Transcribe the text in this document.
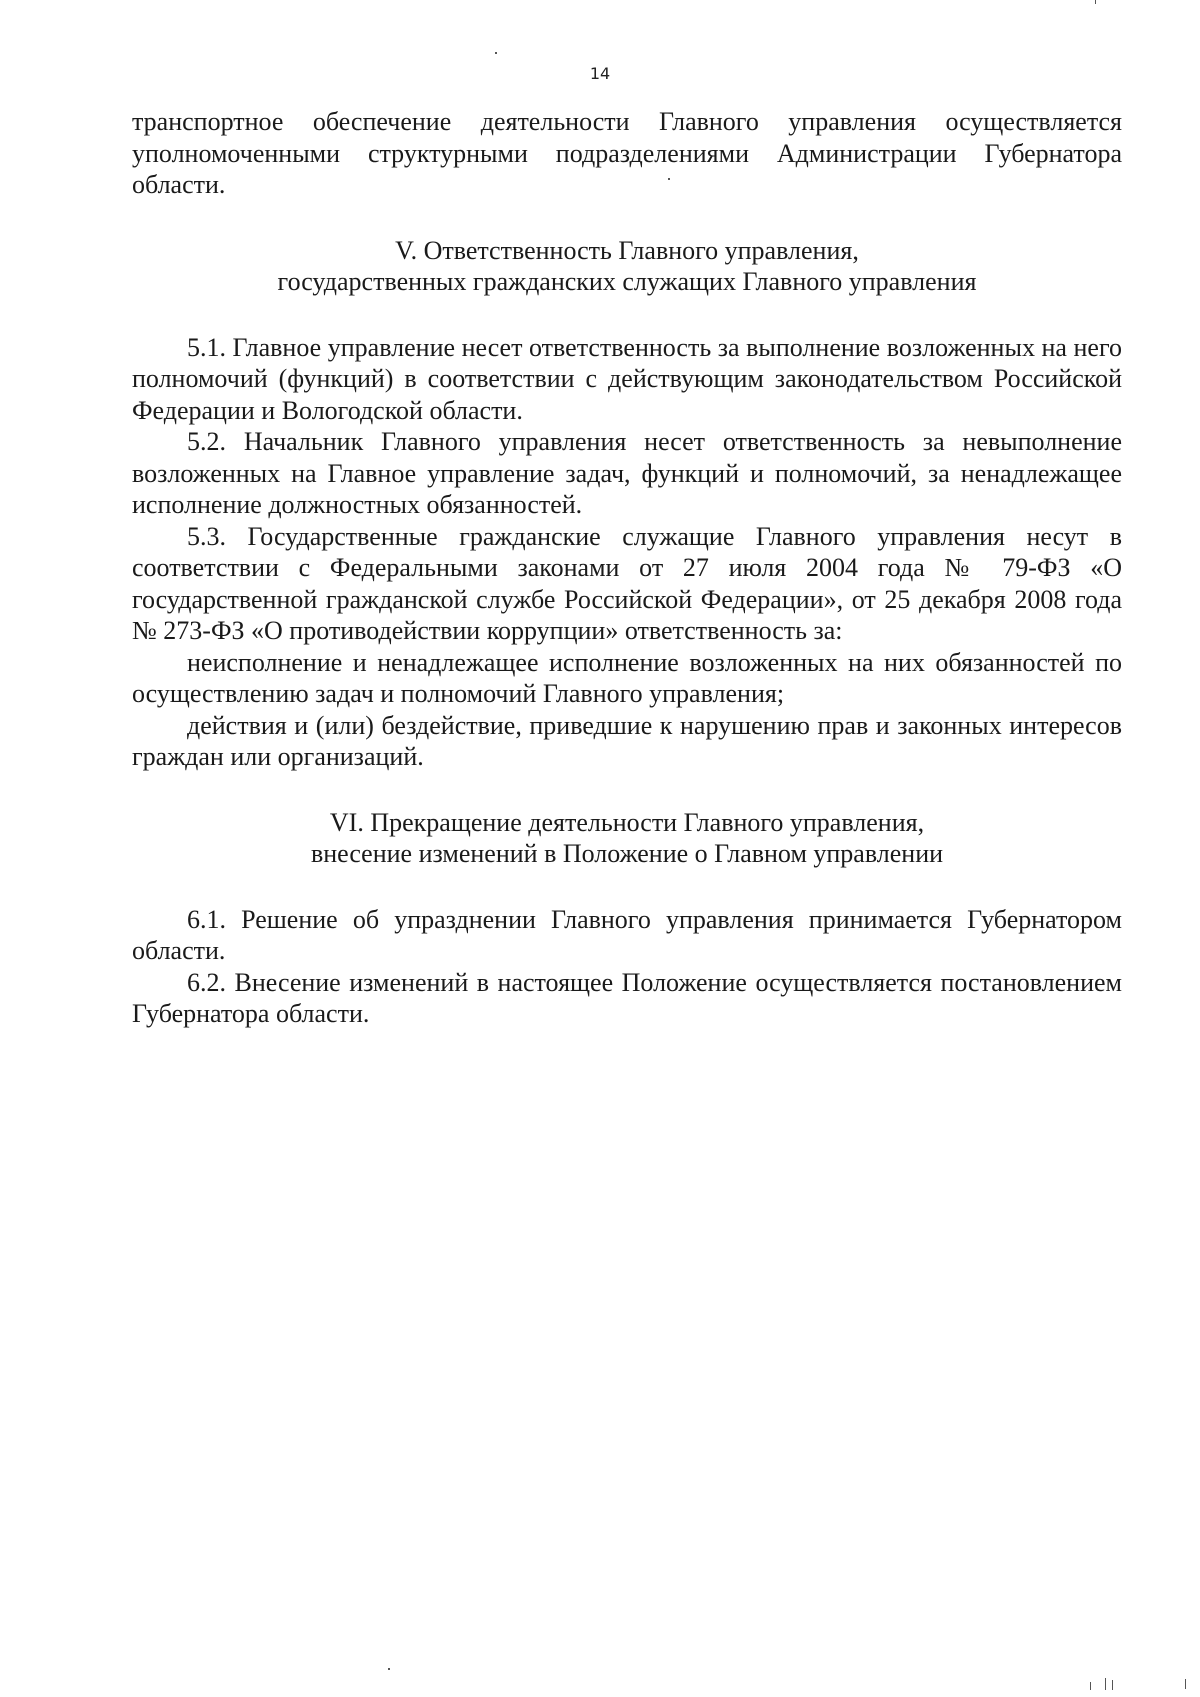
14

транспортное обеспечение деятельности Главного управления осуществляется уполномоченными структурными подразделениями Администрации Губернатора области.

V. Ответственность Главного управления,

государственных гражданских служащих Главного управления

5.1. Главное управление несет ответственность за выполнение возложенных на него полномочий (функций) в соответствии с действующим законодательством Российской Федерации и Вологодской области.

5.2. Начальник Главного управления несет ответственность за невыполнение возложенных на Главное управление задач, функций и полномочий, за ненадлежащее исполнение должностных обязанностей.

5.3. Государственные гражданские служащие Главного управления несут в соответствии с Федеральными законами от 27 июля 2004 года № 79-ФЗ «О государственной гражданской службе Российской Федерации», от 25 декабря 2008 года № 273-ФЗ «О противодействии коррупции» ответственность за:

неисполнение и ненадлежащее исполнение возложенных на них обязанностей по осуществлению задач и полномочий Главного управления;

действия и (или) бездействие, приведшие к нарушению прав и законных интересов граждан или организаций.

VI. Прекращение деятельности Главного управления,

внесение изменений в Положение о Главном управлении

6.1. Решение об упразднении Главного управления принимается Губернатором области.

6.2. Внесение изменений в настоящее Положение осуществляется постановлением Губернатора области.
